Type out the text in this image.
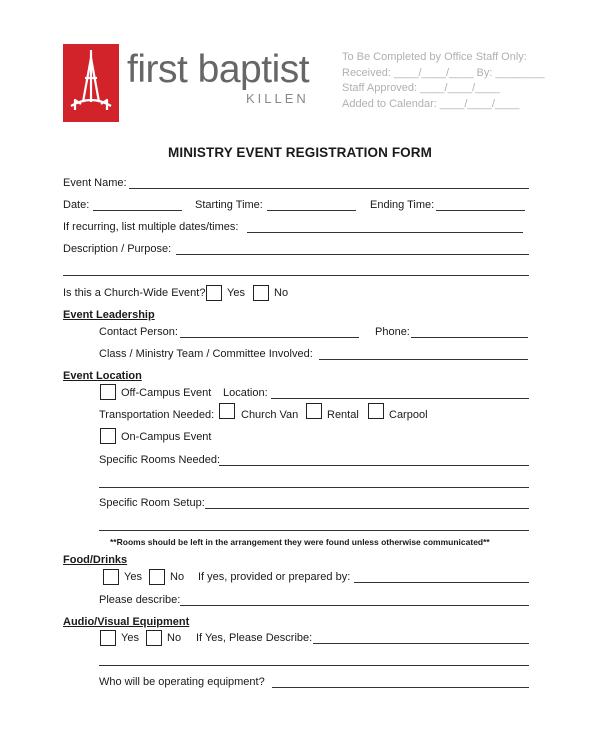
first baptist
KILLEN
To Be Completed by Office Staff Only:
Received: ____/____/____ By: ________
Staff Approved: ____/____/____
Added to Calendar: ____/____/____
MINISTRY EVENT REGISTRATION FORM
Event Name:
Date:	Starting Time:	Ending Time:
If recurring, list multiple dates/times:
Description / Purpose:
Is this a Church-Wide Event? Yes	No
Event Leadership
Contact Person:	Phone:
Class / Ministry Team / Committee Involved:
Event Location
Off-Campus Event Location:
Transportation Needed: Church Van	Rental	Carpool
On-Campus Event
Specific Rooms Needed:
Specific Room Setup:
**Rooms should be left in the arrangement they were found unless otherwise communicated**
Food/Drinks
Yes	No If yes, provided or prepared by:
Please describe:
Audio/Visual Equipment
Yes	No If Yes, Please Describe:
Who will be operating equipment?
